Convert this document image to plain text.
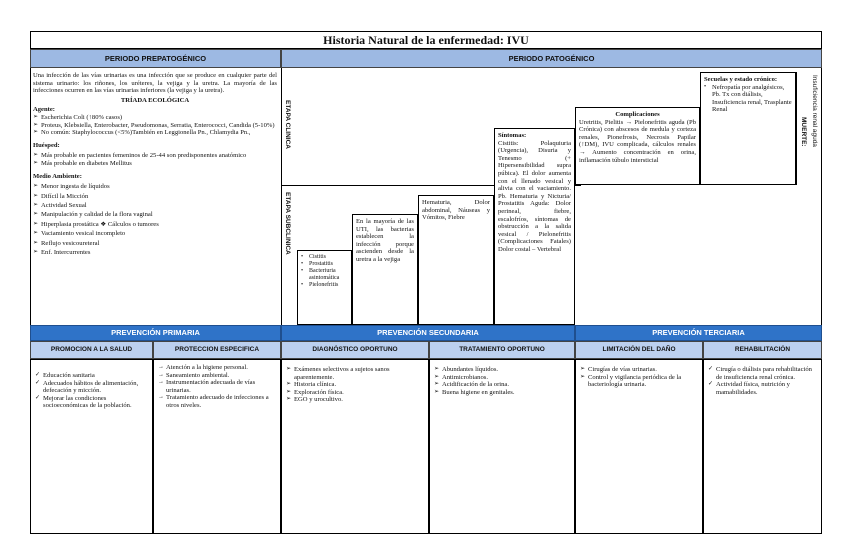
Historia Natural de la enfermedad: IVU
PERIODO PREPATOGÉNICO	PERIODO PATOGÉNICO

Una infección de las vías urinarias es una infección que se produce en cualquier parte del sistema urinario: los riñones, los uréteres, la vejiga y la uretra. La mayoría de las infecciones ocurren en las vías urinarias inferiores (la vejiga y la uretra).

TRÍADA ECOLÓGICA

Agente:

➢ Escherichia Coli (↑80% casos)
➢ Proteus, Klebsiella, Enterobacter, Pseudomonas, Serratia, Enterococci, Candida (5-10%)
➢ No común: Staphylococcus (<5%)También en Leggionella Pn., Chlamydia Pn.,

Huésped:

➢ Más probable en pacientes femeninos de 25-44 son predisponentes anatómico
➢ Más probable en diabetes Mellitus

Medio Ambiente:

➢ Menor ingesta de líquidos
➢ Difícil la Micción
➢ Actividad Sexual
➢ Manipulación y calidad de la flora vaginal
➢ Hiperplasia prostática ❖ Cálculos o tumores
➢ Vaciamiento vesical incompleto
➢ Reflujo vesicoureteral
➢ Enf. Intercurrentes
ETAPA CLINICA
ETAPA SUBCLINICA
• Cistitis
• Prostatitis
• Bacteriuria asintomática
• Pielonefritis

En la mayoría de las UTI, las bacterias establecen la infección porque ascienden desde la uretra a la vejiga

Hematuria, Dolor abdominal, Náuseas y Vómitos, Fiebre

Síntomas:

Cistitis: Polaquiuria (Urgencia), Disuria y Tenesmo (+ Hipersensibilidad supra púbica). El dolor aumenta con el llenado vesical y alivia con el vaciamiento. Pb. Hematuria y Nicturia/ Prostatitis Aguda: Dolor perineal, fiebre, escalofríos, síntomas de obstrucción a la salida vesical / Pielonefritis (Complicaciones Fatales) Dolor costal – Vertebral

Complicaciones

Uretritis, Pielitis → Pielonefritis aguda (Pb Crónica) con abscesos de medula y corteza renales, Pionefrosis, Necrosis Papilar (↑DM), IVU complicada, cálculos renales → Aumento concentración en orina, inflamación túbulo intersticial

Secuelas y estado crónico:

• Nefropatía por analgésicos, Pb. Tx con diálisis, Insuficiencia renal, Trasplante Renal
MUERTE: Insuficiencia renal aguda
PREVENCIÓN PRIMARIA	PREVENCIÓN SECUNDARIA	PREVENCIÓN TERCIARIA
PROMOCION A LA SALUD	PROTECCION ESPECIFICA	DIAGNÓSTICO OPORTUNO	TRATAMIENTO OPORTUNO	LIMITACIÓN DEL DAÑO	REHABILITACIÓN
✓ Educación sanitaria
✓ Adecuados hábitos de alimentación, defecación y micción.
✓ Mejorar las condiciones socioeconómicas de la población.
→ Atención a la higiene personal.
→ Saneamiento ambiental.
→ Instrumentación adecuada de vías urinarias.
→ Tratamiento adecuado de infecciones a otros niveles.
➢ Exámenes selectivos a sujetos sanos aparentemente.
➢ Historia clínica.
➢ Exploración física.
➢ EGO y urocultivo.
➢ Abundantes líquidos.
➢ Antimicrobianos.
➢ Acidificación de la orina.
➢ Buena higiene en genitales.
➢ Cirugías de vías urinarias.
➢ Control y vigilancia periódica de la bacteriología urinaria.
✓ Cirugía o diálisis para rehabilitación de insuficiencia renal crónica.
✓ Actividad física, nutrición y mamabilidades.
